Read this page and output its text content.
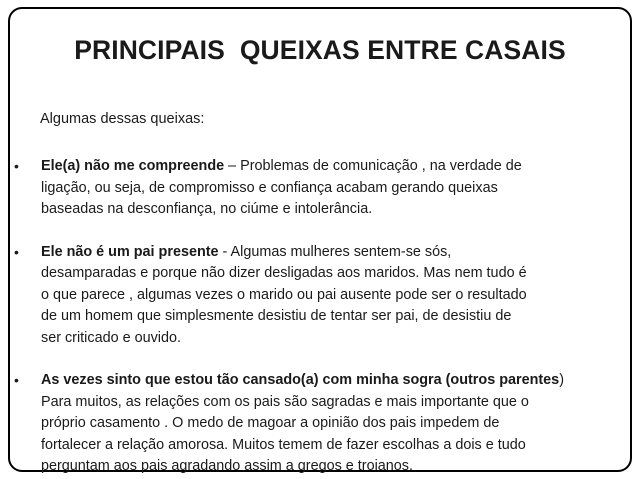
PRINCIPAIS  QUEIXAS ENTRE CASAIS
Algumas dessas queixas:
• Ele(a) não me compreende – Problemas de comunicação , na verdade de
ligação, ou seja, de compromisso e confiança acabam gerando queixas
baseadas na desconfiança, no ciúme e intolerância.
• Ele não é um pai presente - Algumas mulheres sentem-se sós,
desamparadas e porque não dizer desligadas aos maridos. Mas nem tudo é
o que parece , algumas vezes o marido ou pai ausente pode ser o resultado
de um homem que simplesmente desistiu de tentar ser pai, de desistiu de
ser criticado e ouvido.
• As vezes sinto que estou tão cansado(a) com minha sogra (outros parentes)
Para muitos, as relações com os pais são sagradas e mais importante que o
próprio casamento . O medo de magoar a opinião dos pais impedem de
fortalecer a relação amorosa. Muitos temem de fazer escolhas a dois e tudo
perguntam aos pais agradando assim a gregos e troianos.
